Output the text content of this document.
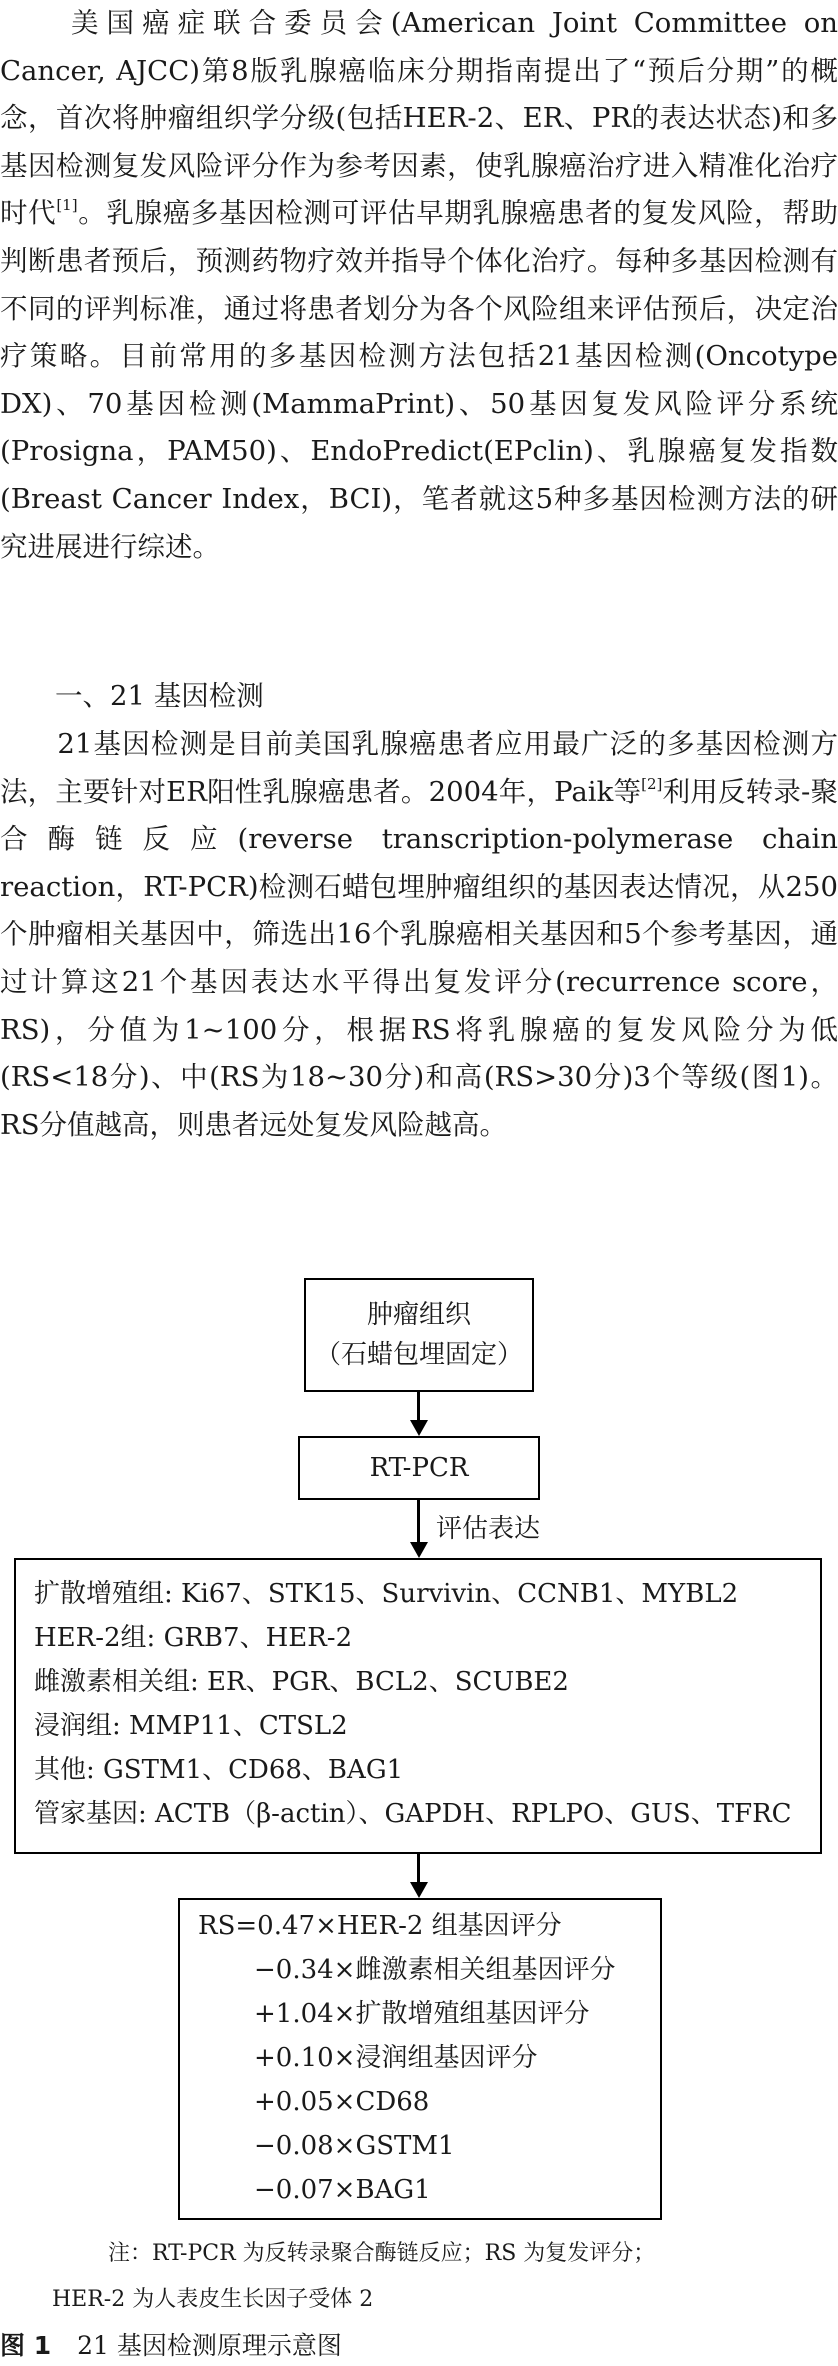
　　美国癌症联合委员会(American Joint Committee on Cancer, AJCC)第8版乳腺癌临床分期指南提出了“预后分期”的概念，首次将肿瘤组织学分级(包括HER-2、ER、PR的表达状态)和多基因检测复发风险评分作为参考因素，使乳腺癌治疗进入精准化治疗时代[1]。乳腺癌多基因检测可评估早期乳腺癌患者的复发风险，帮助判断患者预后，预测药物疗效并指导个体化治疗。每种多基因检测有不同的评判标准，通过将患者划分为各个风险组来评估预后，决定治疗策略。目前常用的多基因检测方法包括21基因检测(Oncotype DX)、70基因检测(MammaPrint)、50基因复发风险评分系统(Prosigna，PAM50)、EndoPredict(EPclin)、乳腺癌复发指数(Breast Cancer Index，BCI)，笔者就这5种多基因检测方法的研究进展进行综述。

　　一、21 基因检测

　　21基因检测是目前美国乳腺癌患者应用最广泛的多基因检测方法，主要针对ER阳性乳腺癌患者。2004年，Paik等[2]利用反转录-聚合酶链反应(reverse transcription-polymerase chain reaction，RT-PCR)检测石蜡包埋肿瘤组织的基因表达情况，从250个肿瘤相关基因中，筛选出16个乳腺癌相关基因和5个参考基因，通过计算这21个基因表达水平得出复发评分(recurrence score，RS)，分值为1~100分，根据RS将乳腺癌的复发风险分为低(RS<18分)、中(RS为18~30分)和高(RS>30分)3个等级(图1)。RS分值越高，则患者远处复发风险越高。

肿瘤组织
（石蜡包埋固定）
RT-PCR
评估表达
扩散增殖组: Ki67、STK15、Survivin、CCNB1、MYBL2
HER-2组: GRB7、HER-2
雌激素相关组: ER、PGR、BCL2、SCUBE2
浸润组: MMP11、CTSL2
其他: GSTM1、CD68、BAG1
管家基因: ACTB（β-actin）、GAPDH、RPLPO、GUS、TFRC
RS=0.47×HER-2 组基因评分
−0.34×雌激素相关组基因评分
+1.04×扩散增殖组基因评分
+0.10×浸润组基因评分
+0.05×CD68
−0.08×GSTM1
−0.07×BAG1
注：RT-PCR 为反转录聚合酶链反应；RS 为复发评分；
HER-2 为人表皮生长因子受体 2
图 1 21 基因检测原理示意图
